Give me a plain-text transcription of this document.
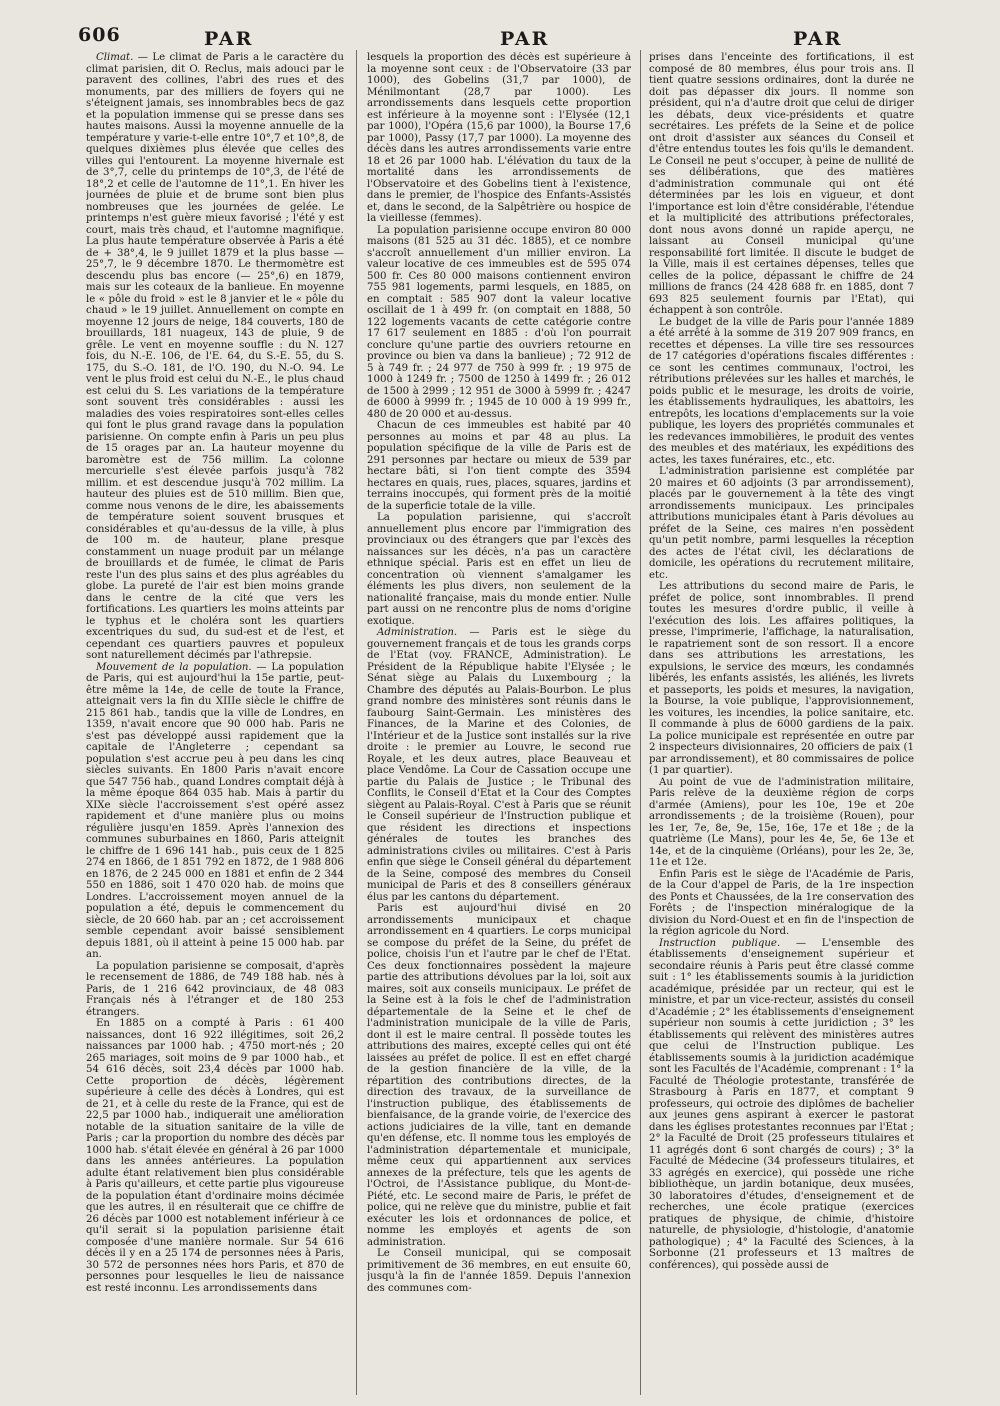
606	PAR	PAR	PAR

Climat. — Le climat de Paris a le caractère du climat parisien, dit O. Reclus, mais adouci par le paravent des collines, l'abri des rues et des monuments, par des milliers de foyers qui ne s'éteignent jamais, ses innombrables becs de gaz et la population immense qui se presse dans ses hautes maisons. Aussi la moyenne annuelle de la température y varie-t-elle entre 10°,7 et 10°,8, de quelques dixièmes plus élevée que celles des villes qui l'entourent. La moyenne hivernale est de 3°,7, celle du printemps de 10°,3, de l'été de 18°,2 et celle de l'automne de 11°,1. En hiver les journées de pluie et de brume sont bien plus nombreuses que les journées de gelée. Le printemps n'est guère mieux favorisé ; l'été y est court, mais très chaud, et l'automne magnifique. La plus haute température observée à Paris a été de + 38°,4, le 9 juillet 1879 et la plus basse — 25°,7, le 9 décembre 1870. Le thermomètre est descendu plus bas encore (— 25°,6) en 1879, mais sur les coteaux de la banlieue. En moyenne le « pôle du froid » est le 8 janvier et le « pôle du chaud » le 19 juillet. Annuellement on compte en moyenne 12 jours de neige, 184 couverts, 180 de brouillards, 181 nuageux, 143 de pluie, 9 de grêle. Le vent en moyenne souffle : du N. 127 fois, du N.-E. 106, de l'E. 64, du S.-E. 55, du S. 175, du S.-O. 181, de l'O. 190, du N.-O. 94. Le vent le plus froid est celui du N.-E., le plus chaud est celui du S. Les variations de la température sont souvent très considérables : aussi les maladies des voies respiratoires sont-elles celles qui font le plus grand ravage dans la population parisienne. On compte enfin à Paris un peu plus de 15 orages par an. La hauteur moyenne du baromètre est de 756 millim. La colonne mercurielle s'est élevée parfois jusqu'à 782 millim. et est descendue jusqu'à 702 millim. La hauteur des pluies est de 510 millim. Bien que, comme nous venons de le dire, les abaissements de température soient souvent brusques et considérables et qu'au-dessus de la ville, à plus de 100 m. de hauteur, plane presque constamment un nuage produit par un mélange de brouillards et de fumée, le climat de Paris reste l'un des plus sains et des plus agréables du globe. La pureté de l'air est bien moins grande dans le centre de la cité que vers les fortifications. Les quartiers les moins atteints par le typhus et le choléra sont les quartiers excentriques du sud, du sud-est et de l'est, et cependant ces quartiers pauvres et populeux sont naturellement décimés par l'athrepsie.

Mouvement de la population. — La population de Paris, qui est aujourd'hui la 15e partie, peut-être même la 14e, de celle de toute la France, atteignait vers la fin du XIIIe siècle le chiffre de 215 861 hab., tandis que la ville de Londres, en 1359, n'avait encore que 90 000 hab. Paris ne s'est pas développé aussi rapidement que la capitale de l'Angleterre ; cependant sa population s'est accrue peu à peu dans les cinq siècles suivants. En 1800 Paris n'avait encore que 547 756 hab., quand Londres comptait déjà à la même époque 864 035 hab. Mais à partir du XIXe siècle l'accroissement s'est opéré assez rapidement et d'une manière plus ou moins régulière jusqu'en 1859. Après l'annexion des communes suburbaines en 1860, Paris atteignit le chiffre de 1 696 141 hab., puis ceux de 1 825 274 en 1866, de 1 851 792 en 1872, de 1 988 806 en 1876, de 2 245 000 en 1881 et enfin de 2 344 550 en 1886, soit 1 470 020 hab. de moins que Londres. L'accroissement moyen annuel de la population a été, depuis le commencement du siècle, de 20 660 hab. par an ; cet accroissement semble cependant avoir baissé sensiblement depuis 1881, où il atteint à peine 15 000 hab. par an.

La population parisienne se composait, d'après le recensement de 1886, de 749 188 hab. nés à Paris, de 1 216 642 provinciaux, de 48 083 Français nés à l'étranger et de 180 253 étrangers.

En 1885 on a compté à Paris : 61 400 naissances, dont 16 922 illégitimes, soit 26,2 naissances par 1000 hab. ; 4750 mort-nés ; 20 265 mariages, soit moins de 9 par 1000 hab., et 54 616 décès, soit 23,4 décès par 1000 hab. Cette proportion de décès, légèrement supérieure à celle des décès à Londres, qui est de 21, et à celle du reste de la France, qui est de 22,5 par 1000 hab., indiquerait une amélioration notable de la situation sanitaire de la ville de Paris ; car la proportion du nombre des décès par 1000 hab. s'était élevée en général à 26 par 1000 dans les années antérieures. La population adulte étant relativement bien plus considérable à Paris qu'ailleurs, et cette partie plus vigoureuse de la population étant d'ordinaire moins décimée que les autres, il en résulterait que ce chiffre de 26 décès par 1000 est notablement inférieur à ce qu'il serait si la population parisienne était composée d'une manière normale. Sur 54 616 décès il y en a 25 174 de personnes nées à Paris, 30 572 de personnes nées hors Paris, et 870 de personnes pour lesquelles le lieu de naissance est resté inconnu. Les arrondissements dans

lesquels la proportion des décès est supérieure à la moyenne sont ceux : de l'Observatoire (33 par 1000), des Gobelins (31,7 par 1000), de Ménilmontant (28,7 par 1000). Les arrondissements dans lesquels cette proportion est inférieure à la moyenne sont : l'Elysée (12,1 par 1000), l'Opéra (15,6 par 1000), la Bourse 17,6 par 1000), Passy (17,7 par 1000). La moyenne des décès dans les autres arrondissements varie entre 18 et 26 par 1000 hab. L'élévation du taux de la mortalité dans les arrondissements de l'Observatoire et des Gobelins tient à l'existence, dans le premier, de l'hospice des Enfants-Assistés et, dans le second, de la Salpêtrière ou hospice de la vieillesse (femmes).

La population parisienne occupe environ 80 000 maisons (81 525 au 31 déc. 1885), et ce nombre s'accroît annuellement d'un millier environ. La valeur locative de ces immeubles est de 595 074 500 fr. Ces 80 000 maisons contiennent environ 755 981 logements, parmi lesquels, en 1885, on en comptait : 585 907 dont la valeur locative oscillait de 1 à 499 fr. (on comptait en 1888, 50 122 logements vacants de cette catégorie contre 17 617 seulement en 1885 : d'où l'on pourrait conclure qu'une partie des ouvriers retourne en province ou bien va dans la banlieue) ; 72 912 de 5 à 749 fr. ; 24 977 de 750 à 999 fr. ; 19 975 de 1000 à 1249 fr. ; 7500 de 1250 à 1499 fr. ; 26 012 de 1500 à 2999 ; 12 951 de 3000 à 5999 fr. ; 4247 de 6000 à 9999 fr. ; 1945 de 10 000 à 19 999 fr., 480 de 20 000 et au-dessus.

Chacun de ces immeubles est habité par 40 personnes au moins et par 48 au plus. La population spécifique de la ville de Paris est de 291 personnes par hectare ou mieux de 539 par hectare bâti, si l'on tient compte des 3594 hectares en quais, rues, places, squares, jardins et terrains inoccupés, qui forment près de la moitié de la superficie totale de la ville.

La population parisienne, qui s'accroît annuellement plus encore par l'immigration des provinciaux ou des étrangers que par l'excès des naissances sur les décès, n'a pas un caractère ethnique spécial. Paris est en effet un lieu de concentration où viennent s'amalgamer les éléments les plus divers, non seulement de la nationalité française, mais du monde entier. Nulle part aussi on ne rencontre plus de noms d'origine exotique.

Administration. — Paris est le siège du gouvernement français et de tous les grands corps de l'Etat (voy. FRANCE, Administration). Le Président de la République habite l'Elysée ; le Sénat siège au Palais du Luxembourg ; la Chambre des députés au Palais-Bourbon. Le plus grand nombre des ministères sont réunis dans le faubourg Saint-Germain. Les ministères des Finances, de la Marine et des Colonies, de l'Intérieur et de la Justice sont installés sur la rive droite : le premier au Louvre, le second rue Royale, et les deux autres, place Beauveau et place Vendôme. La Cour de Cassation occupe une partie du Palais de Justice ; le Tribunal des Conflits, le Conseil d'Etat et la Cour des Comptes siègent au Palais-Royal. C'est à Paris que se réunit le Conseil supérieur de l'Instruction publique et que résident les directions et inspections générales de toutes les branches des administrations civiles ou militaires. C'est à Paris enfin que siège le Conseil général du département de la Seine, composé des membres du Conseil municipal de Paris et des 8 conseillers généraux élus par les cantons du département.

Paris est aujourd'hui divisé en 20 arrondissements municipaux et chaque arrondissement en 4 quartiers. Le corps municipal se compose du préfet de la Seine, du préfet de police, choisis l'un et l'autre par le chef de l'Etat. Ces deux fonctionnaires possèdent la majeure partie des attributions dévolues par la loi, soit aux maires, soit aux conseils municipaux. Le préfet de la Seine est à la fois le chef de l'administration départementale de la Seine et le chef de l'administration municipale de la ville de Paris, dont il est le maire central. Il possède toutes les attributions des maires, excepté celles qui ont été laissées au préfet de police. Il est en effet chargé de la gestion financière de la ville, de la répartition des contributions directes, de la direction des travaux, de la surveillance de l'instruction publique, des établissements de bienfaisance, de la grande voirie, de l'exercice des actions judiciaires de la ville, tant en demande qu'en défense, etc. Il nomme tous les employés de l'administration départementale et municipale, même ceux qui appartiennent aux services annexes de la préfecture, tels que les agents de l'Octroi, de l'Assistance publique, du Mont-de-Piété, etc. Le second maire de Paris, le préfet de police, qui ne relève que du ministre, publie et fait exécuter les lois et ordonnances de police, et nomme les employés et agents de son administration.

Le Conseil municipal, qui se composait primitivement de 36 membres, en eut ensuite 60, jusqu'à la fin de l'année 1859. Depuis l'annexion des communes com-

prises dans l'enceinte des fortifications, il est composé de 80 membres, élus pour trois ans. Il tient quatre sessions ordinaires, dont la durée ne doit pas dépasser dix jours. Il nomme son président, qui n'a d'autre droit que celui de diriger les débats, deux vice-présidents et quatre secrétaires. Les préfets de la Seine et de police ont droit d'assister aux séances du Conseil et d'être entendus toutes les fois qu'ils le demandent. Le Conseil ne peut s'occuper, à peine de nullité de ses délibérations, que des matières d'administration communale qui ont été déterminées par les lois en vigueur, et dont l'importance est loin d'être considérable, l'étendue et la multiplicité des attributions préfectorales, dont nous avons donné un rapide aperçu, ne laissant au Conseil municipal qu'une responsabilité fort limitée. Il discute le budget de la Ville, mais il est certaines dépenses, telles que celles de la police, dépassant le chiffre de 24 millions de francs (24 428 688 fr. en 1885, dont 7 693 825 seulement fournis par l'Etat), qui échappent à son contrôle.

Le budget de la ville de Paris pour l'année 1889 a été arrêté à la somme de 319 207 909 francs, en recettes et dépenses. La ville tire ses ressources de 17 catégories d'opérations fiscales différentes : ce sont les centimes communaux, l'octroi, les rétributions prélevées sur les halles et marchés, le poids public et le mesurage, les droits de voirie, les établissements hydrauliques, les abattoirs, les entrepôts, les locations d'emplacements sur la voie publique, les loyers des propriétés communales et les redevances immobilières, le produit des ventes des meubles et des matériaux, les expéditions des actes, les taxes funéraires, etc., etc.

L'administration parisienne est complétée par 20 maires et 60 adjoints (3 par arrondissement), placés par le gouvernement à la tête des vingt arrondissements municipaux. Les principales attributions municipales étant à Paris dévolues au préfet de la Seine, ces maires n'en possèdent qu'un petit nombre, parmi lesquelles la réception des actes de l'état civil, les déclarations de domicile, les opérations du recrutement militaire, etc.

Les attributions du second maire de Paris, le préfet de police, sont innombrables. Il prend toutes les mesures d'ordre public, il veille à l'exécution des lois. Les affaires politiques, la presse, l'imprimerie, l'affichage, la naturalisation, le rapatriement sont de son ressort. Il a encore dans ses attributions les arrestations, les expulsions, le service des mœurs, les condamnés libérés, les enfants assistés, les aliénés, les livrets et passeports, les poids et mesures, la navigation, la Bourse, la voie publique, l'approvisionnement, les voitures, les incendies, la police sanitaire, etc. Il commande à plus de 6000 gardiens de la paix. La police municipale est représentée en outre par 2 inspecteurs divisionnaires, 20 officiers de paix (1 par arrondissement), et 80 commissaires de police (1 par quartier).

Au point de vue de l'administration militaire, Paris relève de la deuxième région de corps d'armée (Amiens), pour les 10e, 19e et 20e arrondissements ; de la troisième (Rouen), pour les 1er, 7e, 8e, 9e, 15e, 16e, 17e et 18e ; de la quatrième (Le Mans), pour les 4e, 5e, 6e 13e et 14e, et de la cinquième (Orléans), pour les 2e, 3e, 11e et 12e.

Enfin Paris est le siège de l'Académie de Paris, de la Cour d'appel de Paris, de la 1re inspection des Ponts et Chaussées, de la 1re conservation des Forêts ; de l'inspection minéralogique de la division du Nord-Ouest et en fin de l'inspection de la région agricole du Nord.

Instruction publique. — L'ensemble des établissements d'enseignement supérieur et secondaire réunis à Paris peut être classé comme suit : 1° les établissements soumis à la juridiction académique, présidée par un recteur, qui est le ministre, et par un vice-recteur, assistés du conseil d'Académie ; 2° les établissements d'enseignement supérieur non soumis à cette juridiction ; 3° les établissements qui relèvent des ministères autres que celui de l'Instruction publique. Les établissements soumis à la juridiction académique sont les Facultés de l'Académie, comprenant : 1° la Faculté de Théologie protestante, transférée de Strasbourg à Paris en 1877, et comptant 9 professeurs, qui octroie des diplômes de bachelier aux jeunes gens aspirant à exercer le pastorat dans les églises protestantes reconnues par l'Etat ; 2° la Faculté de Droit (25 professeurs titulaires et 11 agrégés dont 6 sont chargés de cours) ; 3° la Faculté de Médecine (34 professeurs titulaires, et 33 agrégés en exercice), qui possède une riche bibliothèque, un jardin botanique, deux musées, 30 laboratoires d'études, d'enseignement et de recherches, une école pratique (exercices pratiques de physique, de chimie, d'histoire naturelle, de physiologie, d'histologie, d'anatomie pathologique) ; 4° la Faculté des Sciences, à la Sorbonne (21 professeurs et 13 maîtres de conférences), qui possède aussi de
